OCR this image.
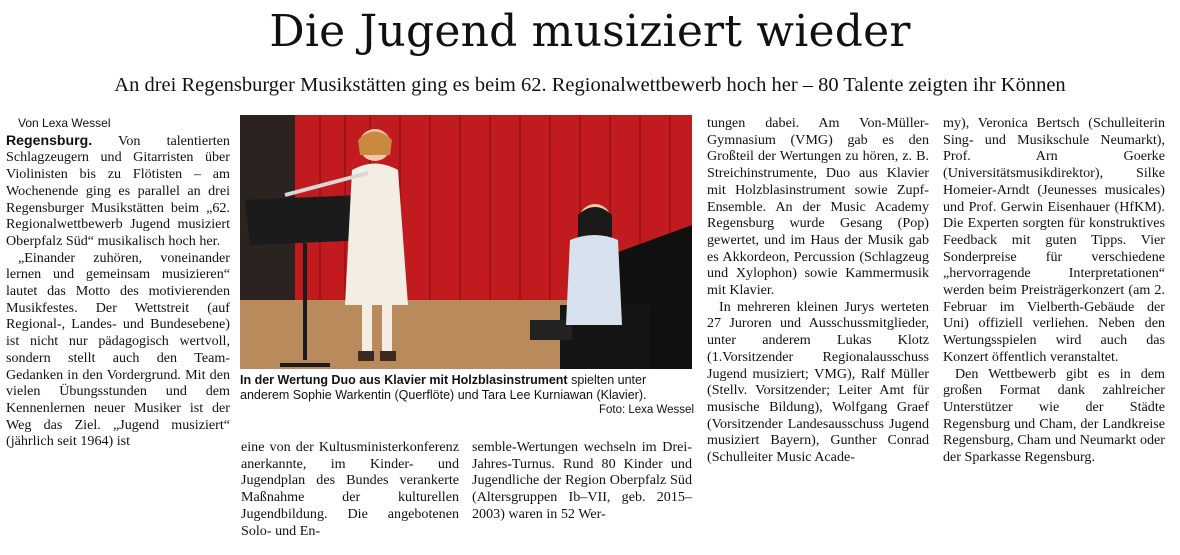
Die Jugend musiziert wieder
An drei Regensburger Musikstätten ging es beim 62. Regionalwettbewerb hoch her – 80 Talente zeigten ihr Können

Von Lexa Wessel

Regensburg. Von talentierten Schlagzeugern und Gitarristen über Violinisten bis zu Flötisten – am Wochenende ging es parallel an drei Regensburger Musikstätten beim „62. Regionalwettbewerb Jugend musiziert Oberpfalz Süd“ musikalisch hoch her.

„Einander zuhören, voneinander lernen und gemeinsam musizieren“ lautet das Motto des motivierenden Musikfestes. Der Wettstreit (auf Regional-, Landes- und Bundesebene) ist nicht nur pädagogisch wertvoll, sondern stellt auch den Team-Gedanken in den Vordergrund. Mit den vielen Übungsstunden und dem Kennenlernen neuer Musiker ist der Weg das Ziel. „Jugend musiziert“ (jährlich seit 1964) ist

In der Wertung Duo aus Klavier mit Holzblasinstrument spielten unter anderem Sophie Warkentin (Querflöte) und Tara Lee Kurniawan (Klavier).
Foto: Lexa Wessel

eine von der Kultusministerkonferenz anerkannte, im Kinder- und Jugendplan des Bundes verankerte Maßnahme der kulturellen Jugendbildung. Die angebotenen Solo- und En-

semble-Wertungen wechseln im Drei-Jahres-Turnus. Rund 80 Kinder und Jugendliche der Region Oberpfalz Süd (Altersgruppen Ib–VII, geb. 2015–2003) waren in 52 Wer-

tungen dabei. Am Von-Müller-Gymnasium (VMG) gab es den Großteil der Wertungen zu hören, z. B. Streichinstrumente, Duo aus Klavier mit Holzblasinstrument sowie Zupf-Ensemble. An der Music Academy Regensburg wurde Gesang (Pop) gewertet, und im Haus der Musik gab es Akkordeon, Percussion (Schlagzeug und Xylophon) sowie Kammermusik mit Klavier.

In mehreren kleinen Jurys werteten 27 Juroren und Ausschussmitglieder, unter anderem Lukas Klotz (1.Vorsitzender Regionalausschuss Jugend musiziert; VMG), Ralf Müller (Stellv. Vorsitzender; Leiter Amt für musische Bildung), Wolfgang Graef (Vorsitzender Landesausschuss Jugend musiziert Bayern), Gunther Conrad (Schulleiter Music Acade-

my), Veronica Bertsch (Schulleiterin Sing- und Musikschule Neumarkt), Prof. Arn Goerke (Universitätsmusikdirektor), Silke Homeier-Arndt (Jeunesses musicales) und Prof. Gerwin Eisenhauer (HfKM). Die Experten sorgten für konstruktives Feedback mit guten Tipps. Vier Sonderpreise für verschiedene „hervorragende Interpretationen“ werden beim Preisträgerkonzert (am 2. Februar im Vielberth-Gebäude der Uni) offiziell verliehen. Neben den Wertungsspielen wird auch das Konzert öffentlich veranstaltet.

Den Wettbewerb gibt es in dem großen Format dank zahlreicher Unterstützer wie der Städte Regensburg und Cham, der Landkreise Regensburg, Cham und Neumarkt oder der Sparkasse Regensburg.
